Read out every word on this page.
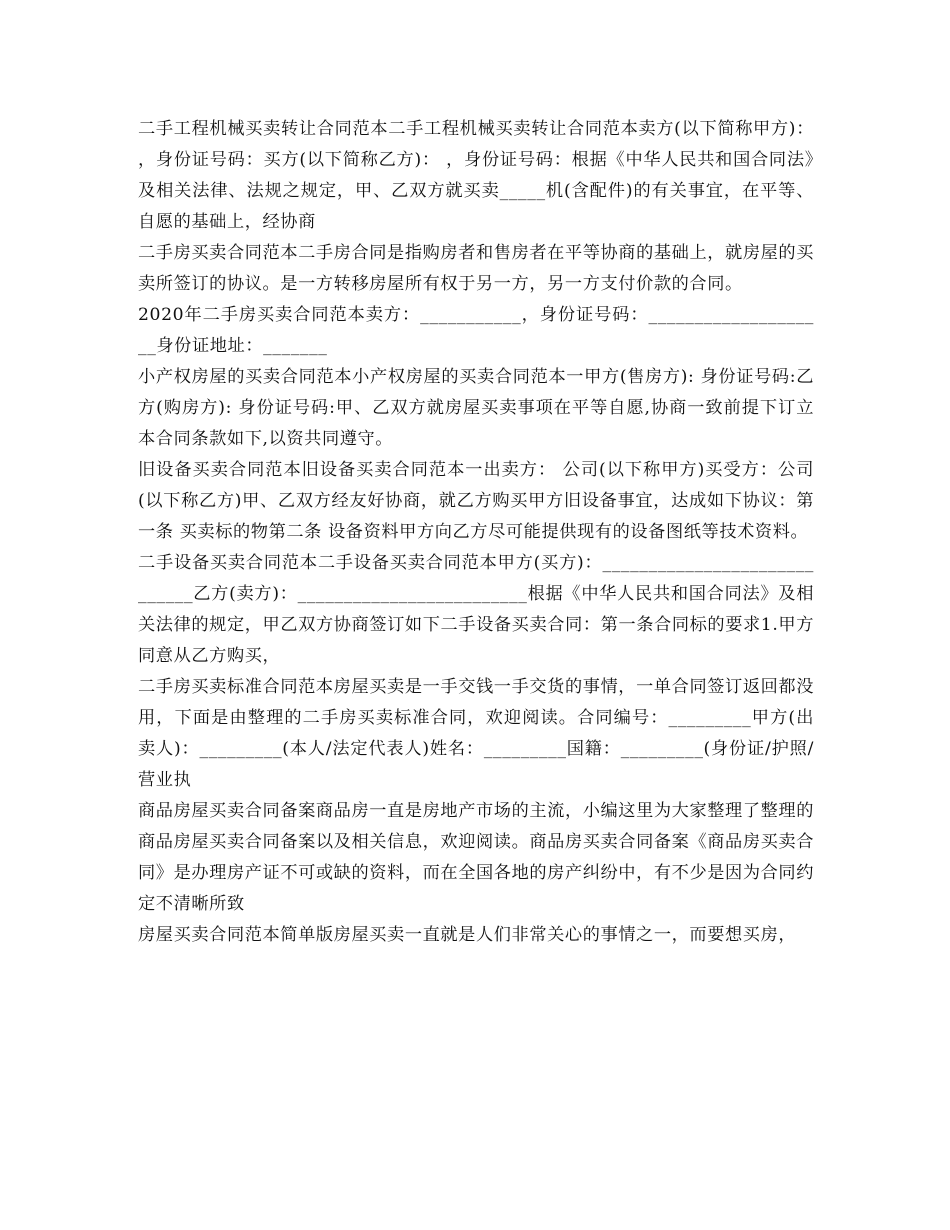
二手工程机械买卖转让合同范本二手工程机械买卖转让合同范本卖方(以下简称甲方)： ，身份证号码：买方(以下简称乙方)： ，身份证号码：根据《中华人民共和国合同法》及相关法律、法规之规定，甲、乙双方就买卖_____机(含配件)的有关事宜，在平等、自愿的基础上，经协商

二手房买卖合同范本二手房合同是指购房者和售房者在平等协商的基础上，就房屋的买卖所签订的协议。是一方转移房屋所有权于另一方，另一方支付价款的合同。

2020年二手房买卖合同范本卖方：___________，身份证号码：____________________身份证地址：_______

小产权房屋的买卖合同范本小产权房屋的买卖合同范本一甲方(售房方): 身份证号码:乙方(购房方): 身份证号码:甲、乙双方就房屋买卖事项在平等自愿,协商一致前提下订立本合同条款如下,以资共同遵守。

旧设备买卖合同范本旧设备买卖合同范本一出卖方： 公司(以下称甲方)买受方：公司(以下称乙方)甲、乙双方经友好协商，就乙方购买甲方旧设备事宜，达成如下协议：第一条 买卖标的物第二条 设备资料甲方向乙方尽可能提供现有的设备图纸等技术资料。

二手设备买卖合同范本二手设备买卖合同范本甲方(买方)：_____________________________乙方(卖方)：_________________________根据《中华人民共和国合同法》及相关法律的规定，甲乙双方协商签订如下二手设备买卖合同：第一条合同标的要求1.甲方同意从乙方购买，

二手房买卖标准合同范本房屋买卖是一手交钱一手交货的事情，一单合同签订返回都没用，下面是由整理的二手房买卖标准合同，欢迎阅读。合同编号：_________甲方(出卖人)：_________(本人/法定代表人)姓名：_________国籍：_________(身份证/护照/营业执

商品房屋买卖合同备案商品房一直是房地产市场的主流，小编这里为大家整理了整理的商品房屋买卖合同备案以及相关信息，欢迎阅读。商品房买卖合同备案《商品房买卖合同》是办理房产证不可或缺的资料，而在全国各地的房产纠纷中，有不少是因为合同约定不清晰所致

房屋买卖合同范本简单版房屋买卖一直就是人们非常关心的事情之一，而要想买房，
